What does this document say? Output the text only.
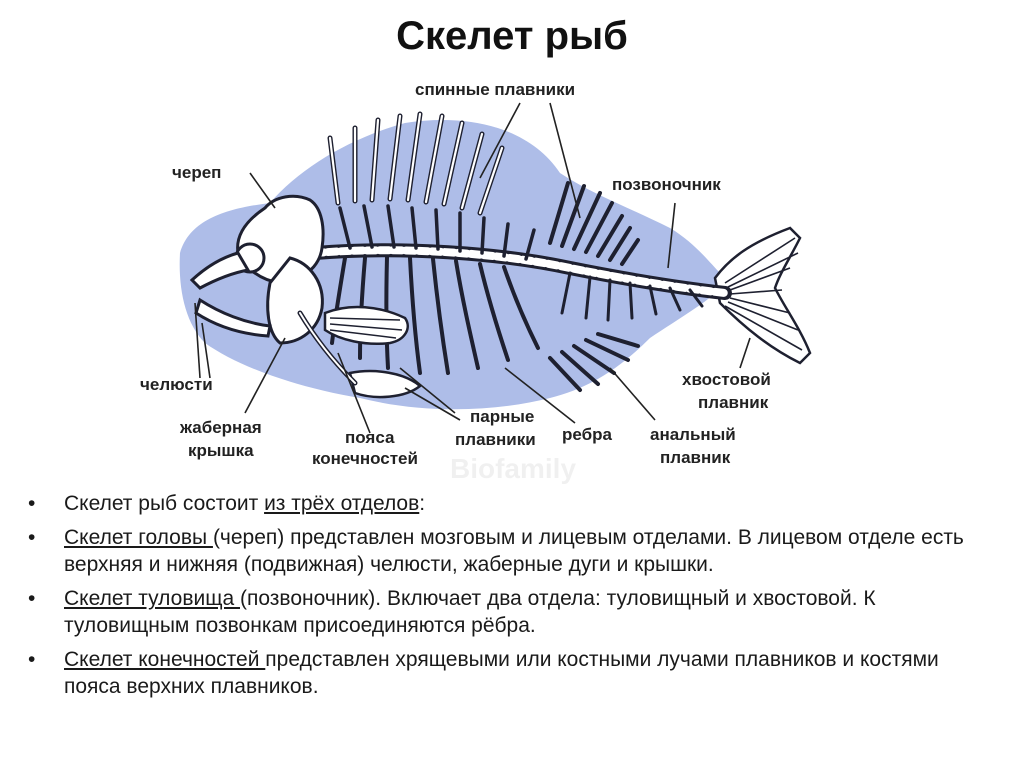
Скелет рыб
спинные плавники
череп
позвоночник
челюсти
жаберная
крышка
пояса
конечностей
парные
плавники ребра анальный
плавник
хвостовой
плавник
Biofamily
• Скелет рыб состоит из трёх отделов:
• Скелет головы (череп) представлен мозговым и лицевым отделами. В лицевом отделе есть верхняя и нижняя (подвижная) челюсти, жаберные дуги и крышки.
• Скелет туловища (позвоночник). Включает два отдела: туловищный и хвостовой. К туловищным позвонкам присоединяются рёбра.
• Скелет конечностей представлен хрящевыми или костными лучами плавников и костями пояса верхних плавников.
